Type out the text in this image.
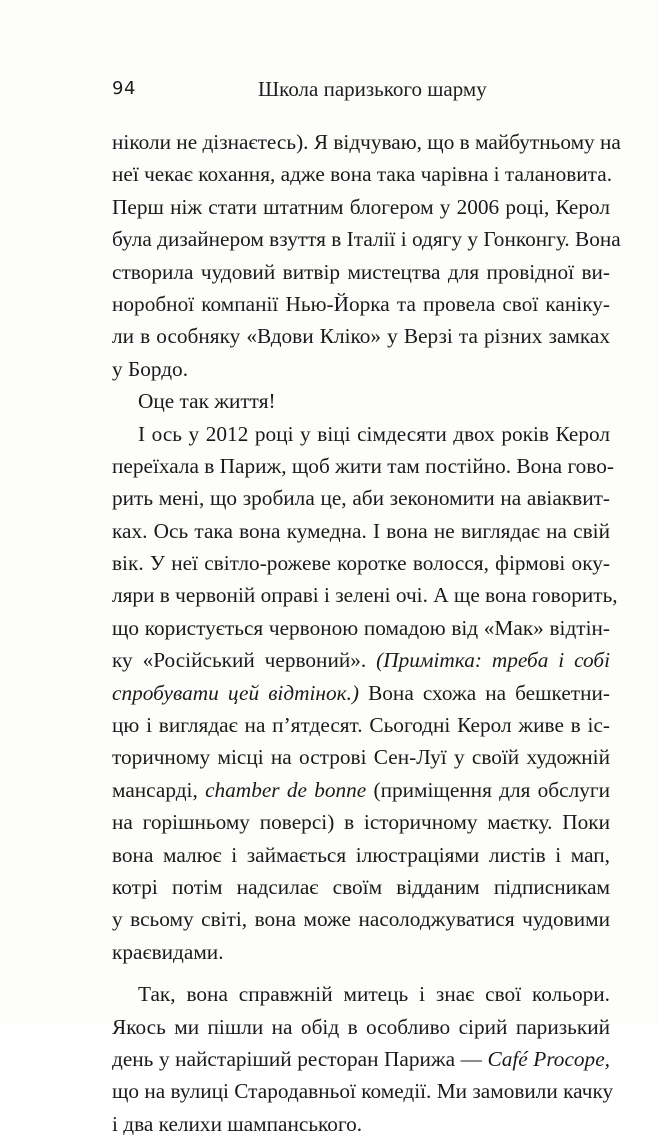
94	Школа паризького шарму
ніколи не дізнаєтесь). Я відчуваю, що в майбутньому на
неї чекає кохання, адже вона така чарівна і талановита.
Перш ніж стати штатним блогером у 2006 році, Керол
була дизайнером взуття в Італії і одягу у Гонконгу. Вона
створила чудовий витвір мистецтва для провідної ви-
норобної компанії Нью-Йорка та провела свої каніку-
ли в особняку «Вдови Кліко» у Верзі та різних замках
у Бордо.
Оце так життя!
І ось у 2012 році у віці сімдесяти двох років Керол
переїхала в Париж, щоб жити там постійно. Вона гово-
рить мені, що зробила це, аби зекономити на авіаквит-
ках. Ось така вона кумедна. І вона не виглядає на свій
вік. У неї світло-рожеве коротке волосся, фірмові оку-
ляри в червоній оправі і зелені очі. А ще вона говорить,
що користується червоною помадою від «Мак» відтін-
ку «Російський червоний». (Примітка: треба і собі
спробувати цей відтінок.) Вона схожа на бешкетни-
цю і виглядає на п’ятдесят. Сьогодні Керол живе в іс-
торичному місці на острові Сен-Луї у своїй художній
мансарді, chamber de bonne (приміщення для обслуги
на горішньому поверсі) в історичному маєтку. Поки
вона малює і займається ілюстраціями листів і мап,
котрі потім надсилає своїм відданим підписникам
у всьому світі, вона може насолоджуватися чудовими
краєвидами.
Так, вона справжній митець і знає свої кольори.
Якось ми пішли на обід в особливо сірий паризький
день у найстаріший ресторан Парижа — Café Procope,
що на вулиці Стародавньої комедії. Ми замовили качку
і два келихи шампанського.
